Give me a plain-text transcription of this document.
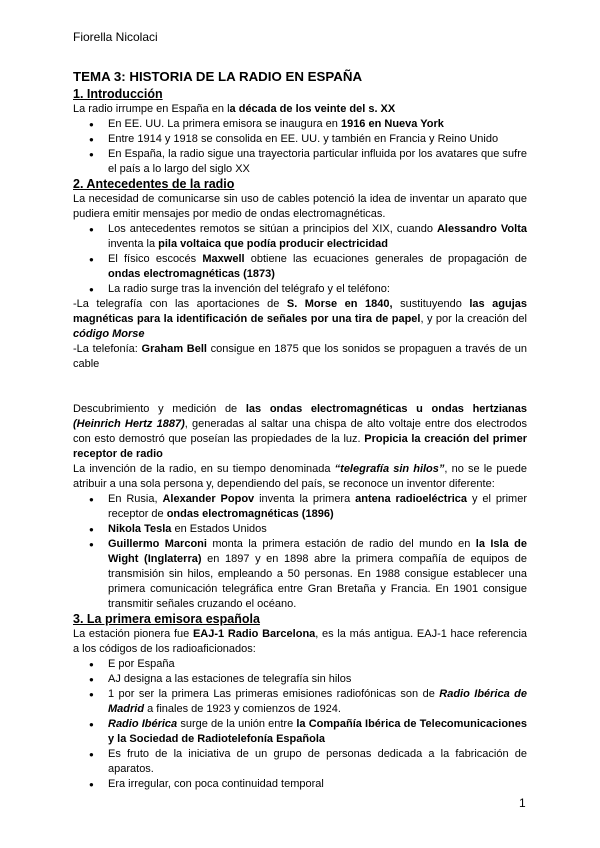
Fiorella Nicolaci
TEMA 3: HISTORIA DE LA RADIO EN ESPAÑA
1. Introducción

La radio irrumpe en España en la década de los veinte del s. XX

● En EE. UU. La primera emisora se inaugura en 1916 en Nueva York
● Entre 1914 y 1918 se consolida en EE. UU. y también en Francia y Reino Unido
● En España, la radio sigue una trayectoria particular influida por los avatares que sufre el país a lo largo del siglo XX
2. Antecedentes de la radio

La necesidad de comunicarse sin uso de cables potenció la idea de inventar un aparato que pudiera emitir mensajes por medio de ondas electromagnéticas.

● Los antecedentes remotos se sitúan a principios del XIX, cuando Alessandro Volta inventa la pila voltaica que podía producir electricidad
● El físico escocés Maxwell obtiene las ecuaciones generales de propagación de ondas electromagnéticas (1873)
● La radio surge tras la invención del telégrafo y el teléfono:

-La telegrafía con las aportaciones de S. Morse en 1840, sustituyendo las agujas magnéticas para la identificación de señales por una tira de papel, y por la creación del código Morse

-La telefonía: Graham Bell consigue en 1875 que los sonidos se propaguen a través de un cable

Descubrimiento y medición de las ondas electromagnéticas u ondas hertzianas (Heinrich Hertz 1887), generadas al saltar una chispa de alto voltaje entre dos electrodos con esto demostró que poseían las propiedades de la luz. Propicia la creación del primer receptor de radio

La invención de la radio, en su tiempo denominada “telegrafía sin hilos”, no se le puede atribuir a una sola persona y, dependiendo del país, se reconoce un inventor diferente:

● En Rusia, Alexander Popov inventa la primera antena radioeléctrica y el primer receptor de ondas electromagnéticas (1896)
● Nikola Tesla en Estados Unidos
● Guillermo Marconi monta la primera estación de radio del mundo en la Isla de Wight (Inglaterra) en 1897 y en 1898 abre la primera compañía de equipos de transmisión sin hilos, empleando a 50 personas. En 1988 consigue establecer una primera comunicación telegráfica entre Gran Bretaña y Francia. En 1901 consigue transmitir señales cruzando el océano.
3. La primera emisora española

La estación pionera fue EAJ-1 Radio Barcelona, es la más antigua. EAJ-1 hace referencia a los códigos de los radioaficionados:

● E por España
● AJ designa a las estaciones de telegrafía sin hilos
● 1 por ser la primera Las primeras emisiones radiofónicas son de Radio Ibérica de Madrid a finales de 1923 y comienzos de 1924.
● Radio Ibérica surge de la unión entre la Compañía Ibérica de Telecomunicaciones y la Sociedad de Radiotelefonía Española
● Es fruto de la iniciativa de un grupo de personas dedicada a la fabricación de aparatos.
● Era irregular, con poca continuidad temporal
1
